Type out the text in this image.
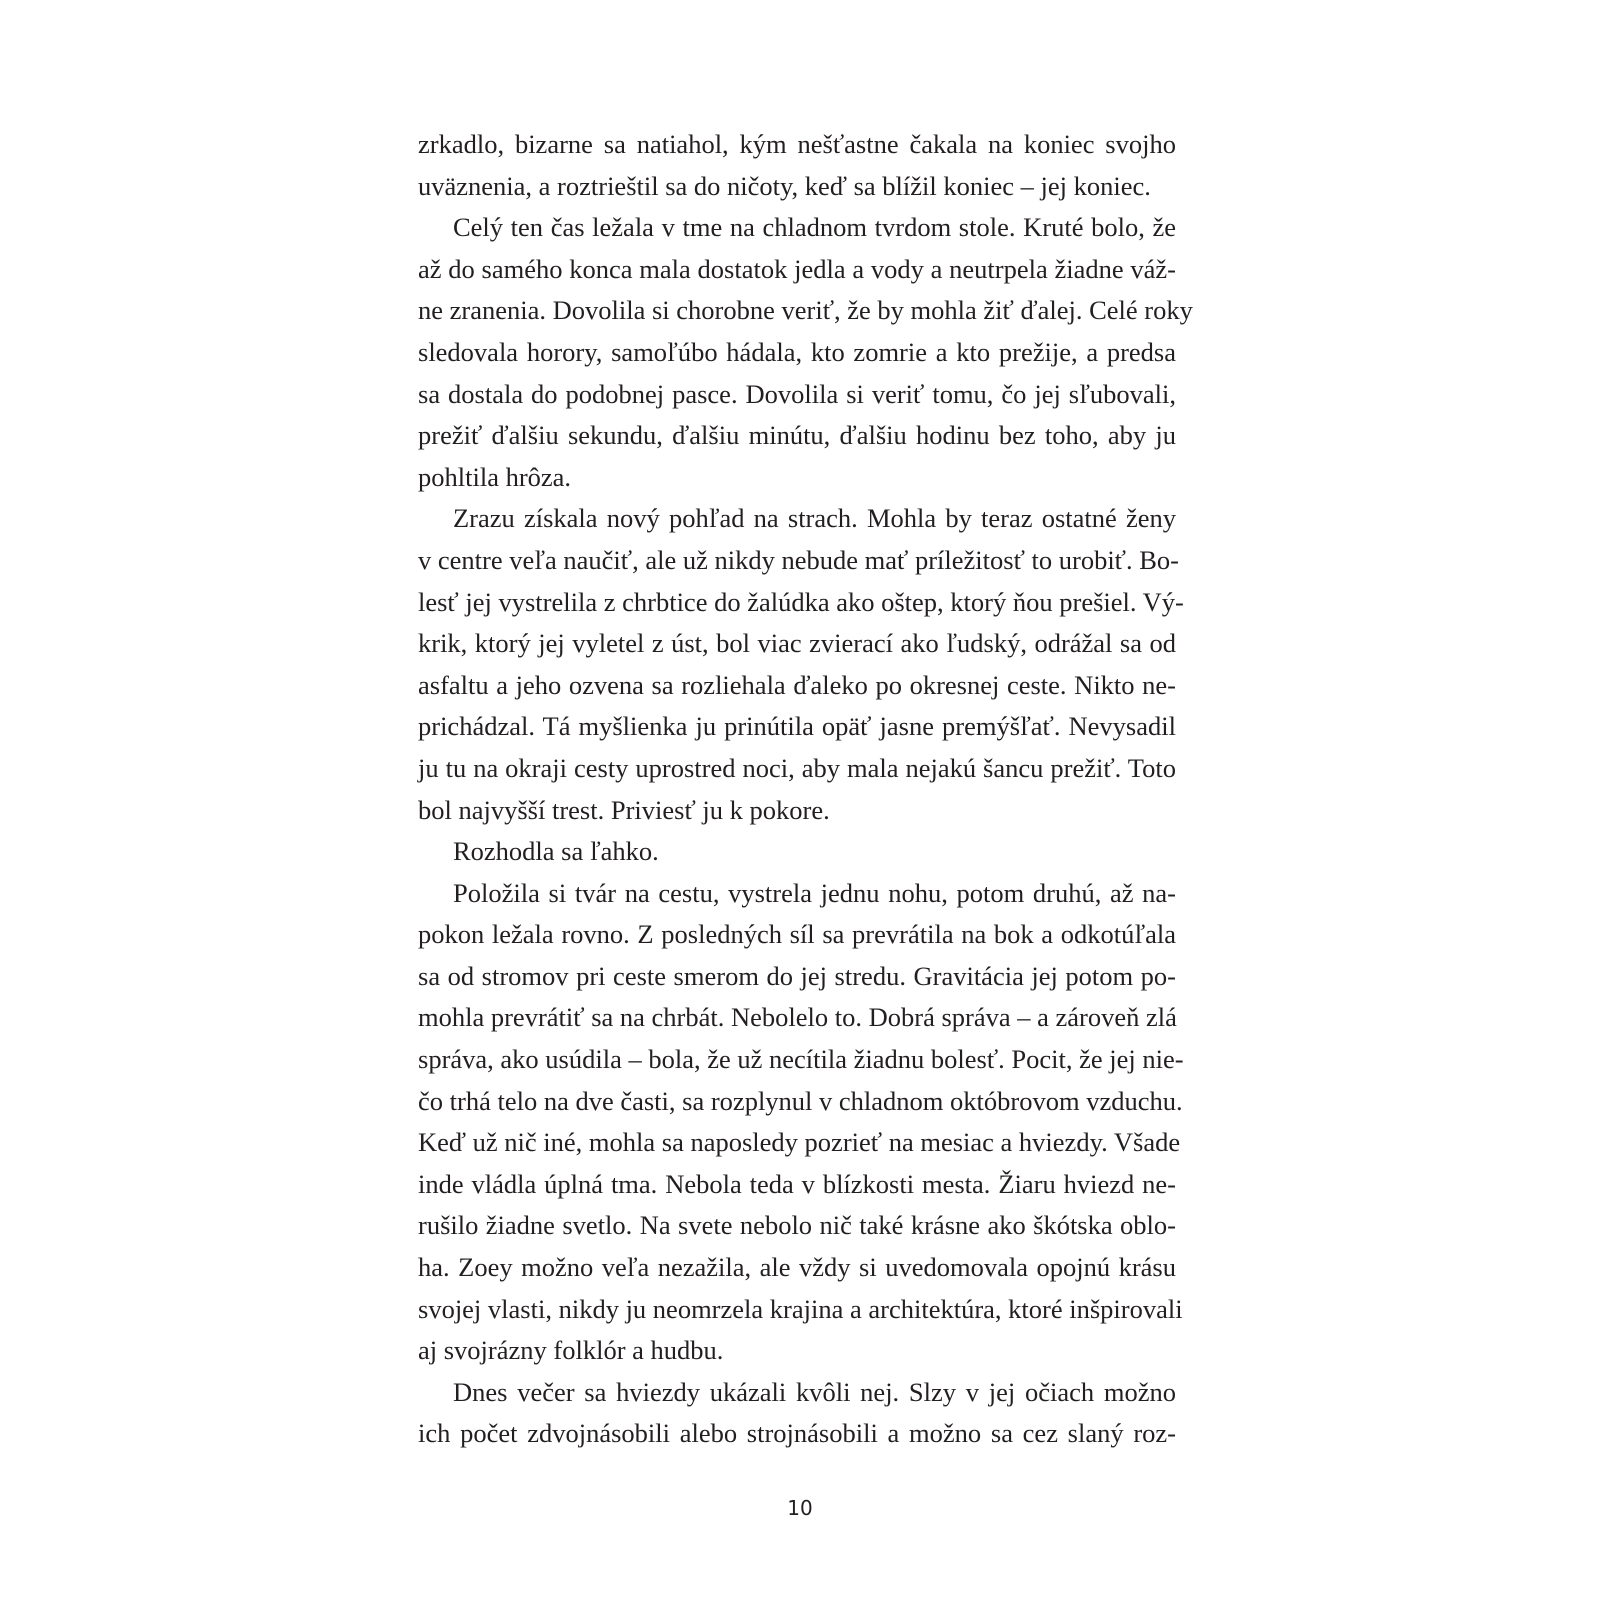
zrkadlo, bizarne sa natiahol, kým nešťastne čakala na koniec svojho
uväznenia, a roztrieštil sa do ničoty, keď sa blížil koniec – jej koniec.
Celý ten čas ležala v tme na chladnom tvrdom stole. Kruté bolo, že
až do samého konca mala dostatok jedla a vody a neutrpela žiadne váž-
ne zranenia. Dovolila si chorobne veriť, že by mohla žiť ďalej. Celé roky
sledovala horory, samoľúbo hádala, kto zomrie a kto prežije, a predsa
sa dostala do podobnej pasce. Dovolila si veriť tomu, čo jej sľubovali,
prežiť ďalšiu sekundu, ďalšiu minútu, ďalšiu hodinu bez toho, aby ju
pohltila hrôza.
Zrazu získala nový pohľad na strach. Mohla by teraz ostatné ženy
v centre veľa naučiť, ale už nikdy nebude mať príležitosť to urobiť. Bo-
lesť jej vystrelila z chrbtice do žalúdka ako oštep, ktorý ňou prešiel. Vý-
krik, ktorý jej vyletel z úst, bol viac zvierací ako ľudský, odrážal sa od
asfaltu a jeho ozvena sa rozliehala ďaleko po okresnej ceste. Nikto ne-
prichádzal. Tá myšlienka ju prinútila opäť jasne premýšľať. Nevysadil
ju tu na okraji cesty uprostred noci, aby mala nejakú šancu prežiť. Toto
bol najvyšší trest. Priviesť ju k pokore.
Rozhodla sa ľahko.
Položila si tvár na cestu, vystrela jednu nohu, potom druhú, až na-
pokon ležala rovno. Z posledných síl sa prevrátila na bok a odkotúľala
sa od stromov pri ceste smerom do jej stredu. Gravitácia jej potom po-
mohla prevrátiť sa na chrbát. Nebolelo to. Dobrá správa – a zároveň zlá
správa, ako usúdila – bola, že už necítila žiadnu bolesť. Pocit, že jej nie-
čo trhá telo na dve časti, sa rozplynul v chladnom októbrovom vzduchu.
Keď už nič iné, mohla sa naposledy pozrieť na mesiac a hviezdy. Všade
inde vládla úplná tma. Nebola teda v blízkosti mesta. Žiaru hviezd ne-
rušilo žiadne svetlo. Na svete nebolo nič také krásne ako škótska oblo-
ha. Zoey možno veľa nezažila, ale vždy si uvedomovala opojnú krásu
svojej vlasti, nikdy ju neomrzela krajina a architektúra, ktoré inšpirovali
aj svojrázny folklór a hudbu.
Dnes večer sa hviezdy ukázali kvôli nej. Slzy v jej očiach možno
ich počet zdvojnásobili alebo strojnásobili a možno sa cez slaný roz-
10
